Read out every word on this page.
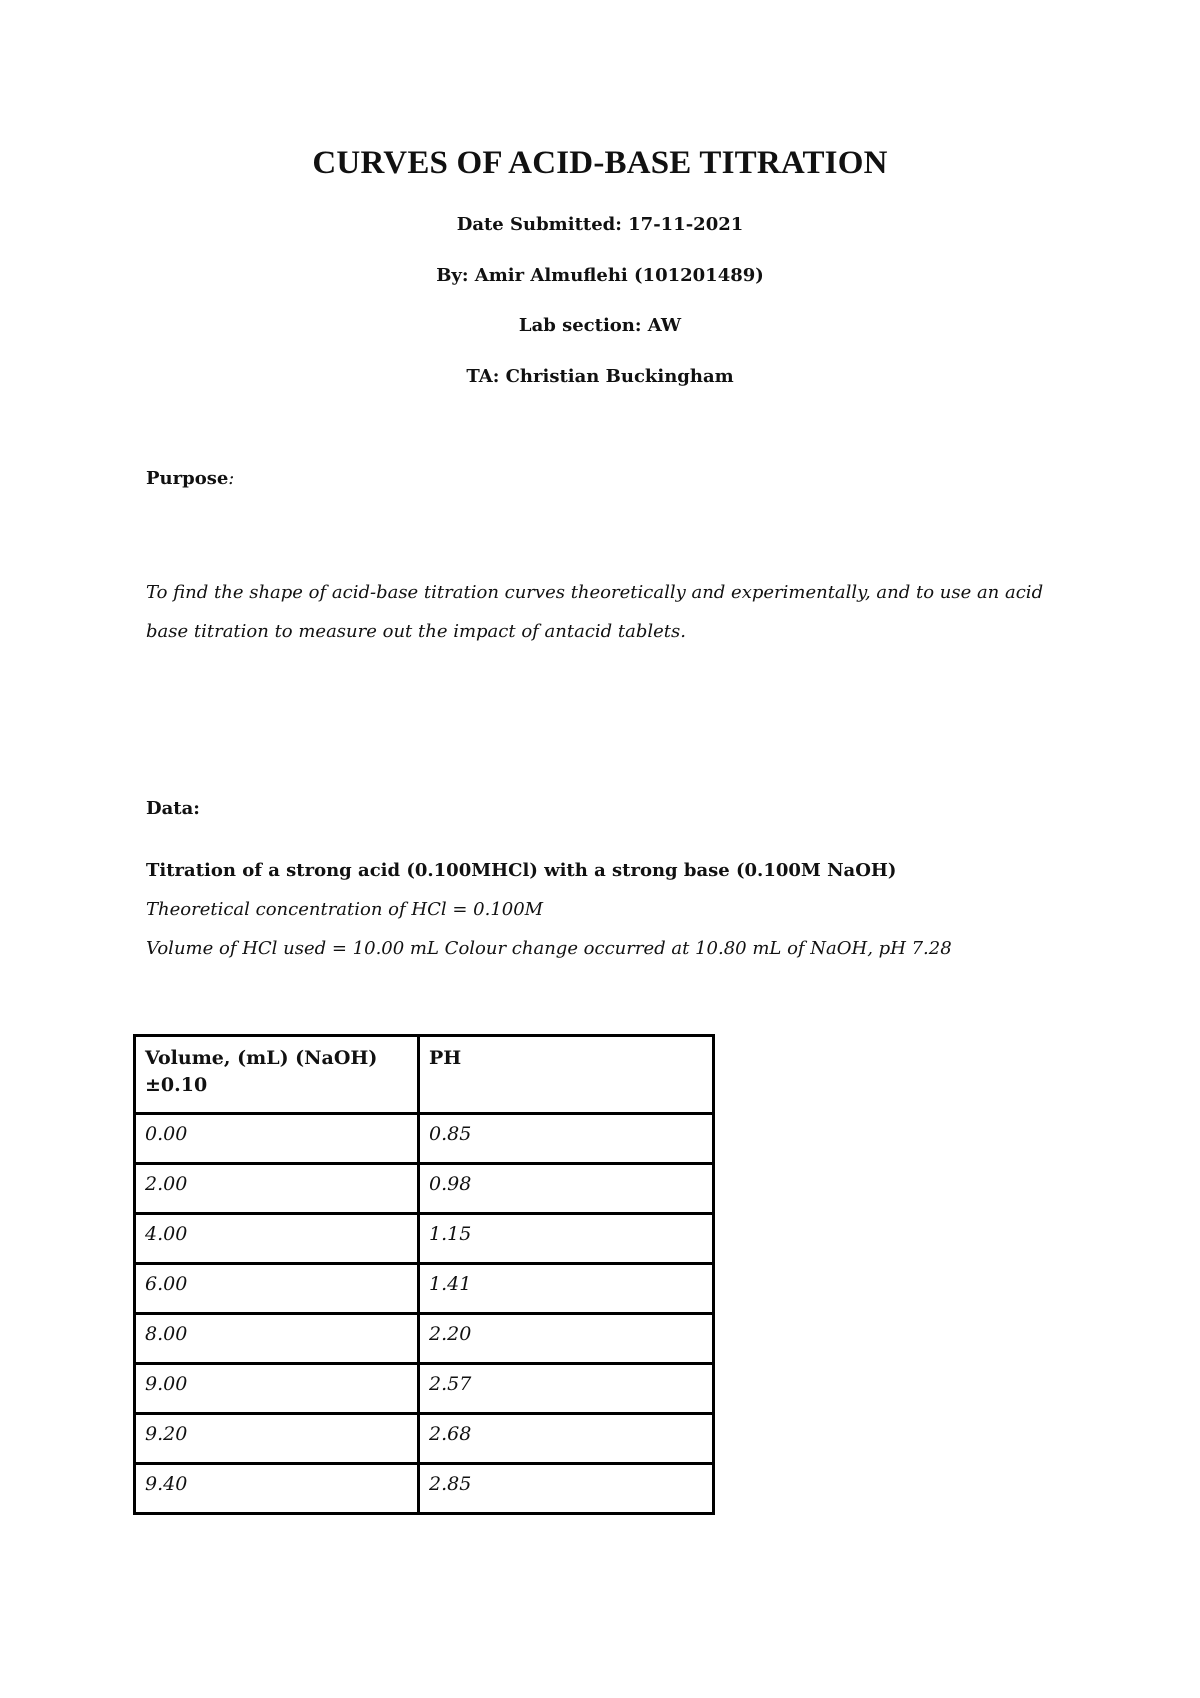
CURVES OF ACID-BASE TITRATION
Date Submitted: 17-11-2021
By: Amir Almuflehi (101201489)
Lab section: AW
TA: Christian Buckingham
Purpose:
To find the shape of acid-base titration curves theoretically and experimentally, and to use an acid base titration to measure out the impact of antacid tablets.
Data:
Titration of a strong acid (0.100MHCl) with a strong base (0.100M NaOH)
Theoretical concentration of HCl = 0.100M
Volume of HCl used = 10.00 mL Colour change occurred at 10.80 mL of NaOH, pH 7.28
Volume, (mL) (NaOH)±0.10	PH
0.00	0.85
2.00	0.98
4.00	1.15
6.00	1.41
8.00	2.20
9.00	2.57
9.20	2.68
9.40	2.85
